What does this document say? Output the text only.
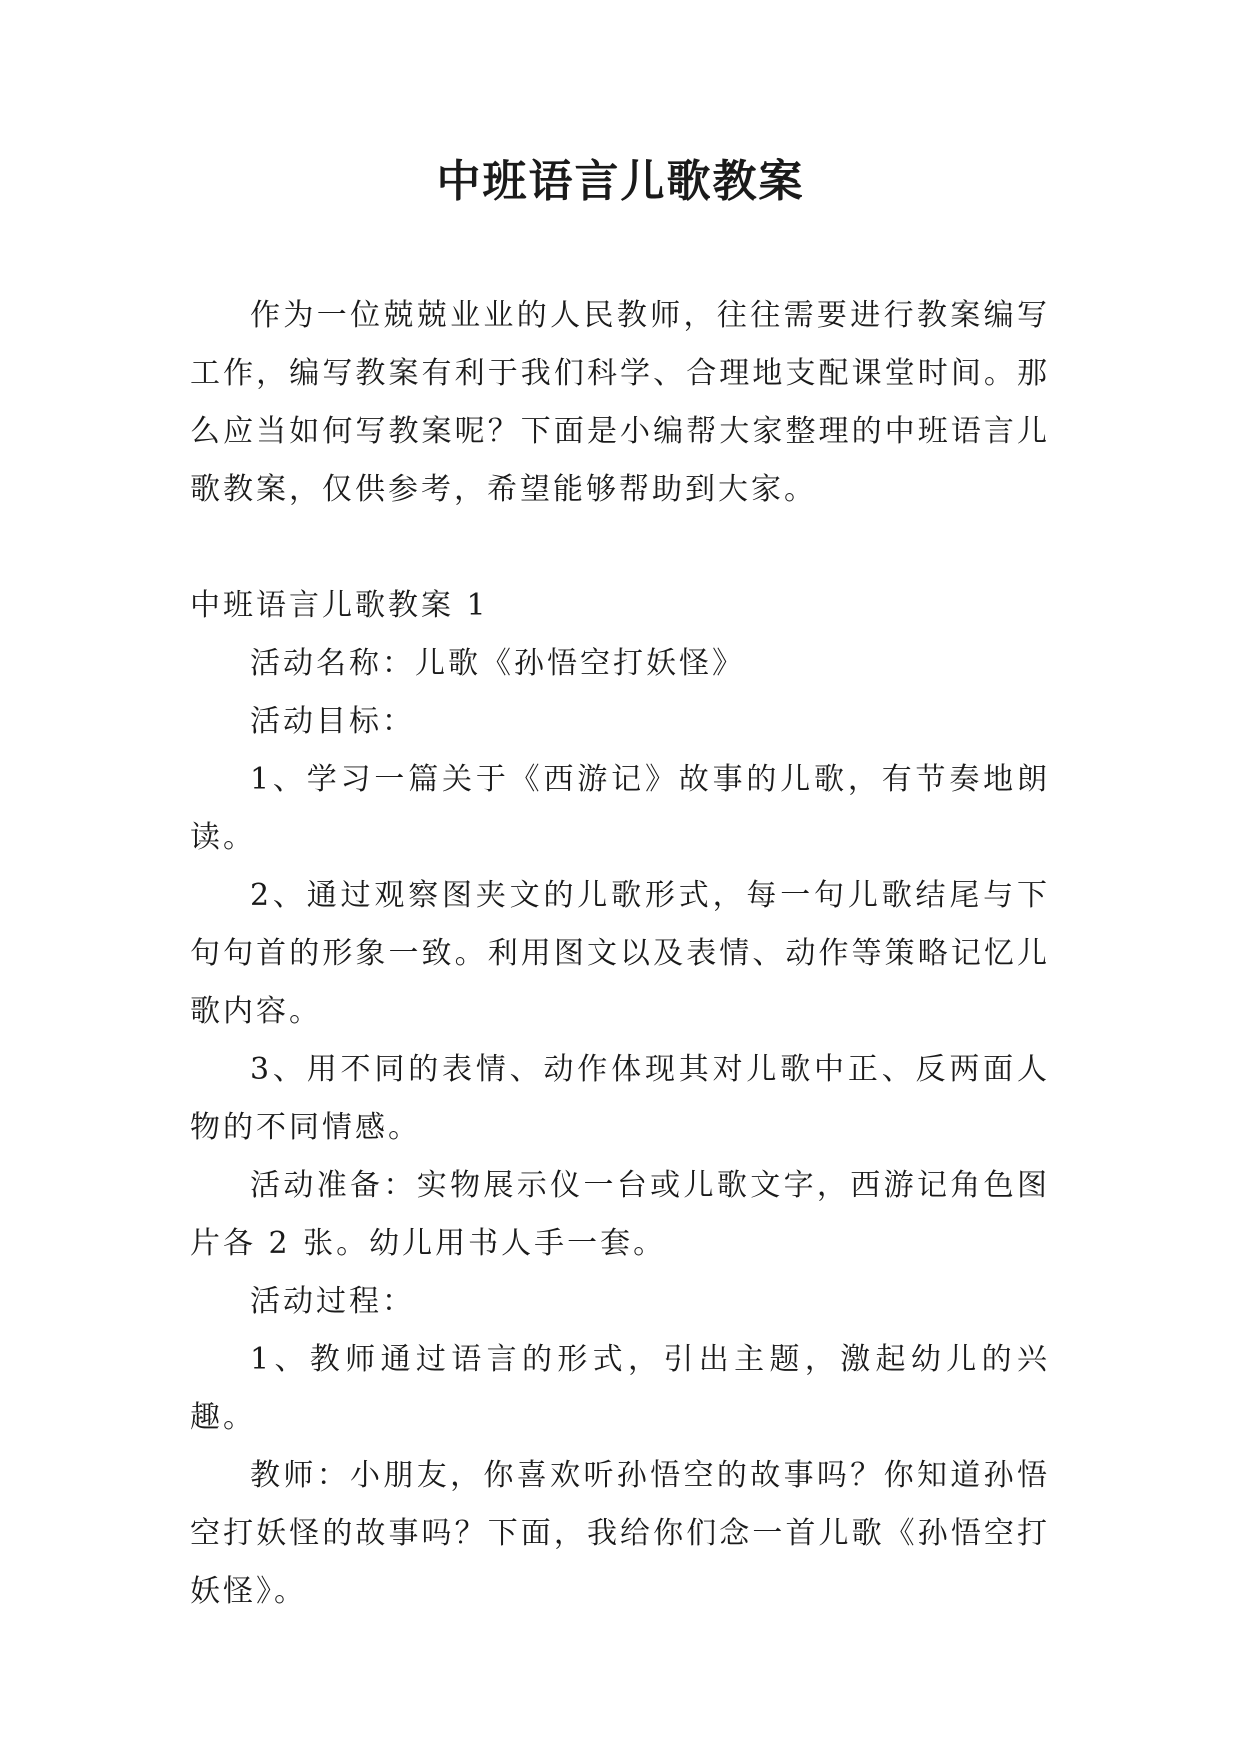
中班语言儿歌教案

作为一位兢兢业业的人民教师，往往需要进行教案编写工作，编写教案有利于我们科学、合理地支配课堂时间。那么应当如何写教案呢？下面是小编帮大家整理的中班语言儿歌教案，仅供参考，希望能够帮助到大家。

中班语言儿歌教案 1

活动名称：儿歌《孙悟空打妖怪》

活动目标：

1、学习一篇关于《西游记》故事的儿歌，有节奏地朗读。

2、通过观察图夹文的儿歌形式，每一句儿歌结尾与下句句首的形象一致。利用图文以及表情、动作等策略记忆儿歌内容。

3、用不同的表情、动作体现其对儿歌中正、反两面人物的不同情感。

活动准备：实物展示仪一台或儿歌文字，西游记角色图片各 2 张。幼儿用书人手一套。

活动过程：

1、教师通过语言的形式，引出主题，激起幼儿的兴趣。

教师：小朋友，你喜欢听孙悟空的故事吗？你知道孙悟空打妖怪的故事吗？下面，我给你们念一首儿歌《孙悟空打妖怪》。
